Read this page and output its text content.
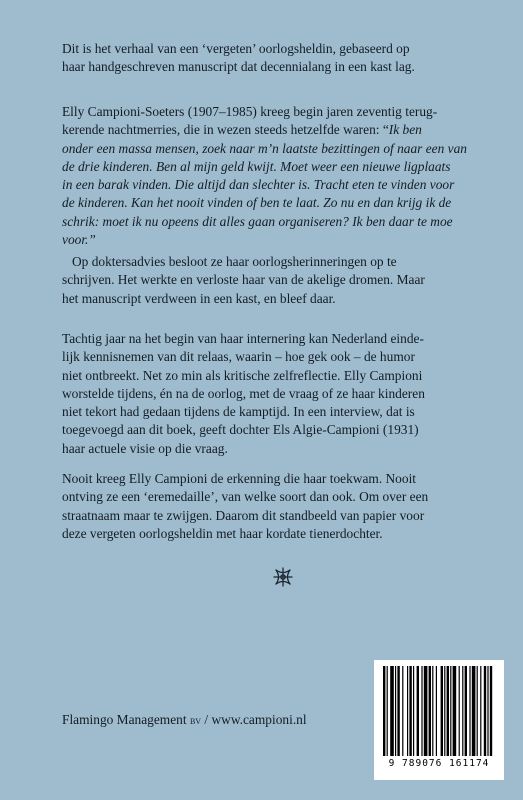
Dit is het verhaal van een ‘vergeten’ oorlogsheldin, gebaseerd op
haar handgeschreven manuscript dat decennialang in een kast lag.

Elly Campioni-Soeters (1907–1985) kreeg begin jaren zeventig terug-
kerende nachtmerries, die in wezen steeds hetzelfde waren: “Ik ben
onder een massa mensen, zoek naar m’n laatste bezittingen of naar een van
de drie kinderen. Ben al mijn geld kwijt. Moet weer een nieuwe ligplaats
in een barak vinden. Die altijd dan slechter is. Tracht eten te vinden voor
de kinderen. Kan het nooit vinden of ben te laat. Zo nu en dan krijg ik de
schrik: moet ik nu opeens dit alles gaan organiseren? Ik ben daar te moe
voor.”

Op doktersadvies besloot ze haar oorlogsherinneringen op te
schrijven. Het werkte en verloste haar van de akelige dromen. Maar
het manuscript verdween in een kast, en bleef daar.

Tachtig jaar na het begin van haar internering kan Nederland einde-
lijk kennisnemen van dit relaas, waarin – hoe gek ook – de humor
niet ontbreekt. Net zo min als kritische zelfreflectie. Elly Campioni
worstelde tijdens, én na de oorlog, met de vraag of ze haar kinderen
niet tekort had gedaan tijdens de kamptijd. In een interview, dat is
toegevoegd aan dit boek, geeft dochter Els Algie-Campioni (1931)
haar actuele visie op die vraag.

Nooit kreeg Elly Campioni de erkenning die haar toekwam. Nooit
ontving ze een ‘eremedaille’, van welke soort dan ook. Om over een
straatnaam maar te zwijgen. Daarom dit standbeeld van papier voor
deze vergeten oorlogsheldin met haar kordate tienerdochter.

Flamingo Management bv / www.campioni.nl
9 789076 161174
